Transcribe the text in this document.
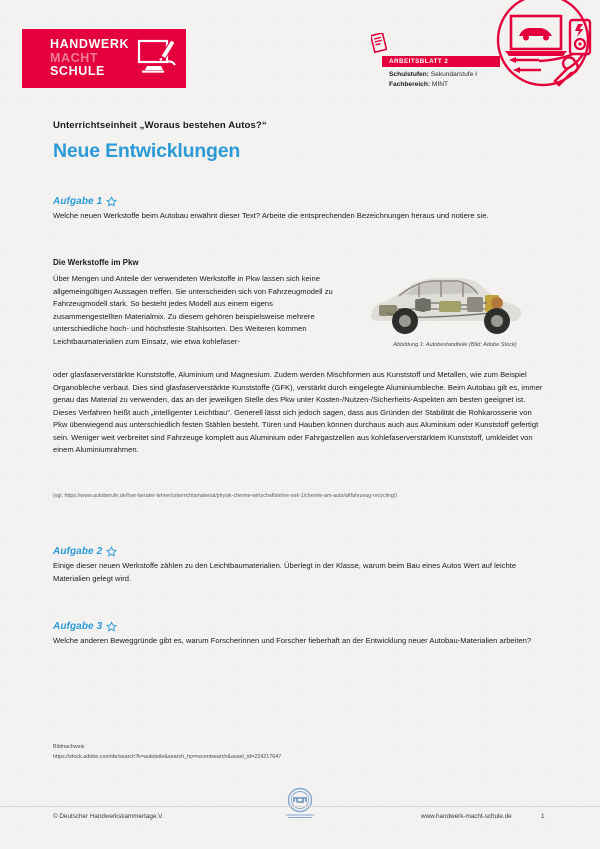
HANDWERK
MACHT
SCHULE
ARBEITSBLATT 2
Schulstufen: Sekundarstufe I
Fachbereich: MINT
Unterrichtseinheit „Woraus bestehen Autos?“
Neue Entwicklungen
Aufgabe 1
Welche neuen Werkstoffe beim Autobau erwähnt dieser Text? Arbeite die entsprechenden Bezeichnungen heraus und notiere sie.
Die Werkstoffe im Pkw
Über Mengen und Anteile der verwendeten Werkstoffe in Pkw lassen sich keine allgemeingültigen Aussagen treffen. Sie unterscheiden sich von Fahrzeugmodell zu Fahrzeugmodell stark. So besteht jedes Modell aus einem eigens zusammengestellten Materialmix. Zu diesem gehören beispielsweise mehrere unterschiedliche hoch- und höchstfeste Stahlsorten. Des Weiteren kommen Leichtbaumaterialien zum Einsatz, wie etwa kohlefaser-	Abbildung 1: Autobestandteile (Bild: Adobe Stock)
oder glasfaserverstärkte Kunststoffe, Aluminium und Magnesium. Zudem werden Mischformen aus Kunststoff und Metallen, wie zum Beispiel Organobleche verbaut. Dies sind glasfaserverstärkte Kunststoffe (GFK), verstärkt durch eingelegte Aluminiumbleche. Beim Autobau gilt es, immer genau das Material zu verwenden, das an der jeweiligen Stelle des Pkw unter Kosten-/Nutzen-/Sicherheits-Aspekten am besten geeignet ist. Dieses Verfahren heißt auch „intelligenter Leichtbau“. Generell lässt sich jedoch sagen, dass aus Gründen der Stabilität die Rohkarosserie von Pkw überwiegend aus unterschiedlich festen Stählen besteht. Türen und Hauben können durchaus auch aus Aluminium oder Kunststoff gefertigt sein. Weniger weit verbreitet sind Fahrzeuge komplett aus Aluminium oder Fahrgastzellen aus kohlefaserverstärktem Kunststoff, umkleidet von einem Aluminiumrahmen.
(vgl. https://www.autoberufe.de/fuer-berater-lehrer/unterrichtsmaterial/physik-chemie-wirtschaftslehre-sek-1/chemie-am-auto/altfahrzeug-recycling/)
Aufgabe 2
Einige dieser neuen Werkstoffe zählen zu den Leichtbaumaterialien. Überlegt in der Klasse, warum beim Bau eines Autos Wert auf leichte Materialien gelegt wird.
Aufgabe 3
Welche anderen Beweggründe gibt es, warum Forscherinnen und Forscher fieberhaft an der Entwicklung neuer Autobau-Materialien arbeiten?
Bildnachweis
https://stock.adobe.com/de/search?k=autoteile&search_hp=recentsearch&asset_id=224217647
© Deutscher Handwerkskammertage.V.	www.handwerk-macht-schule.de	1
